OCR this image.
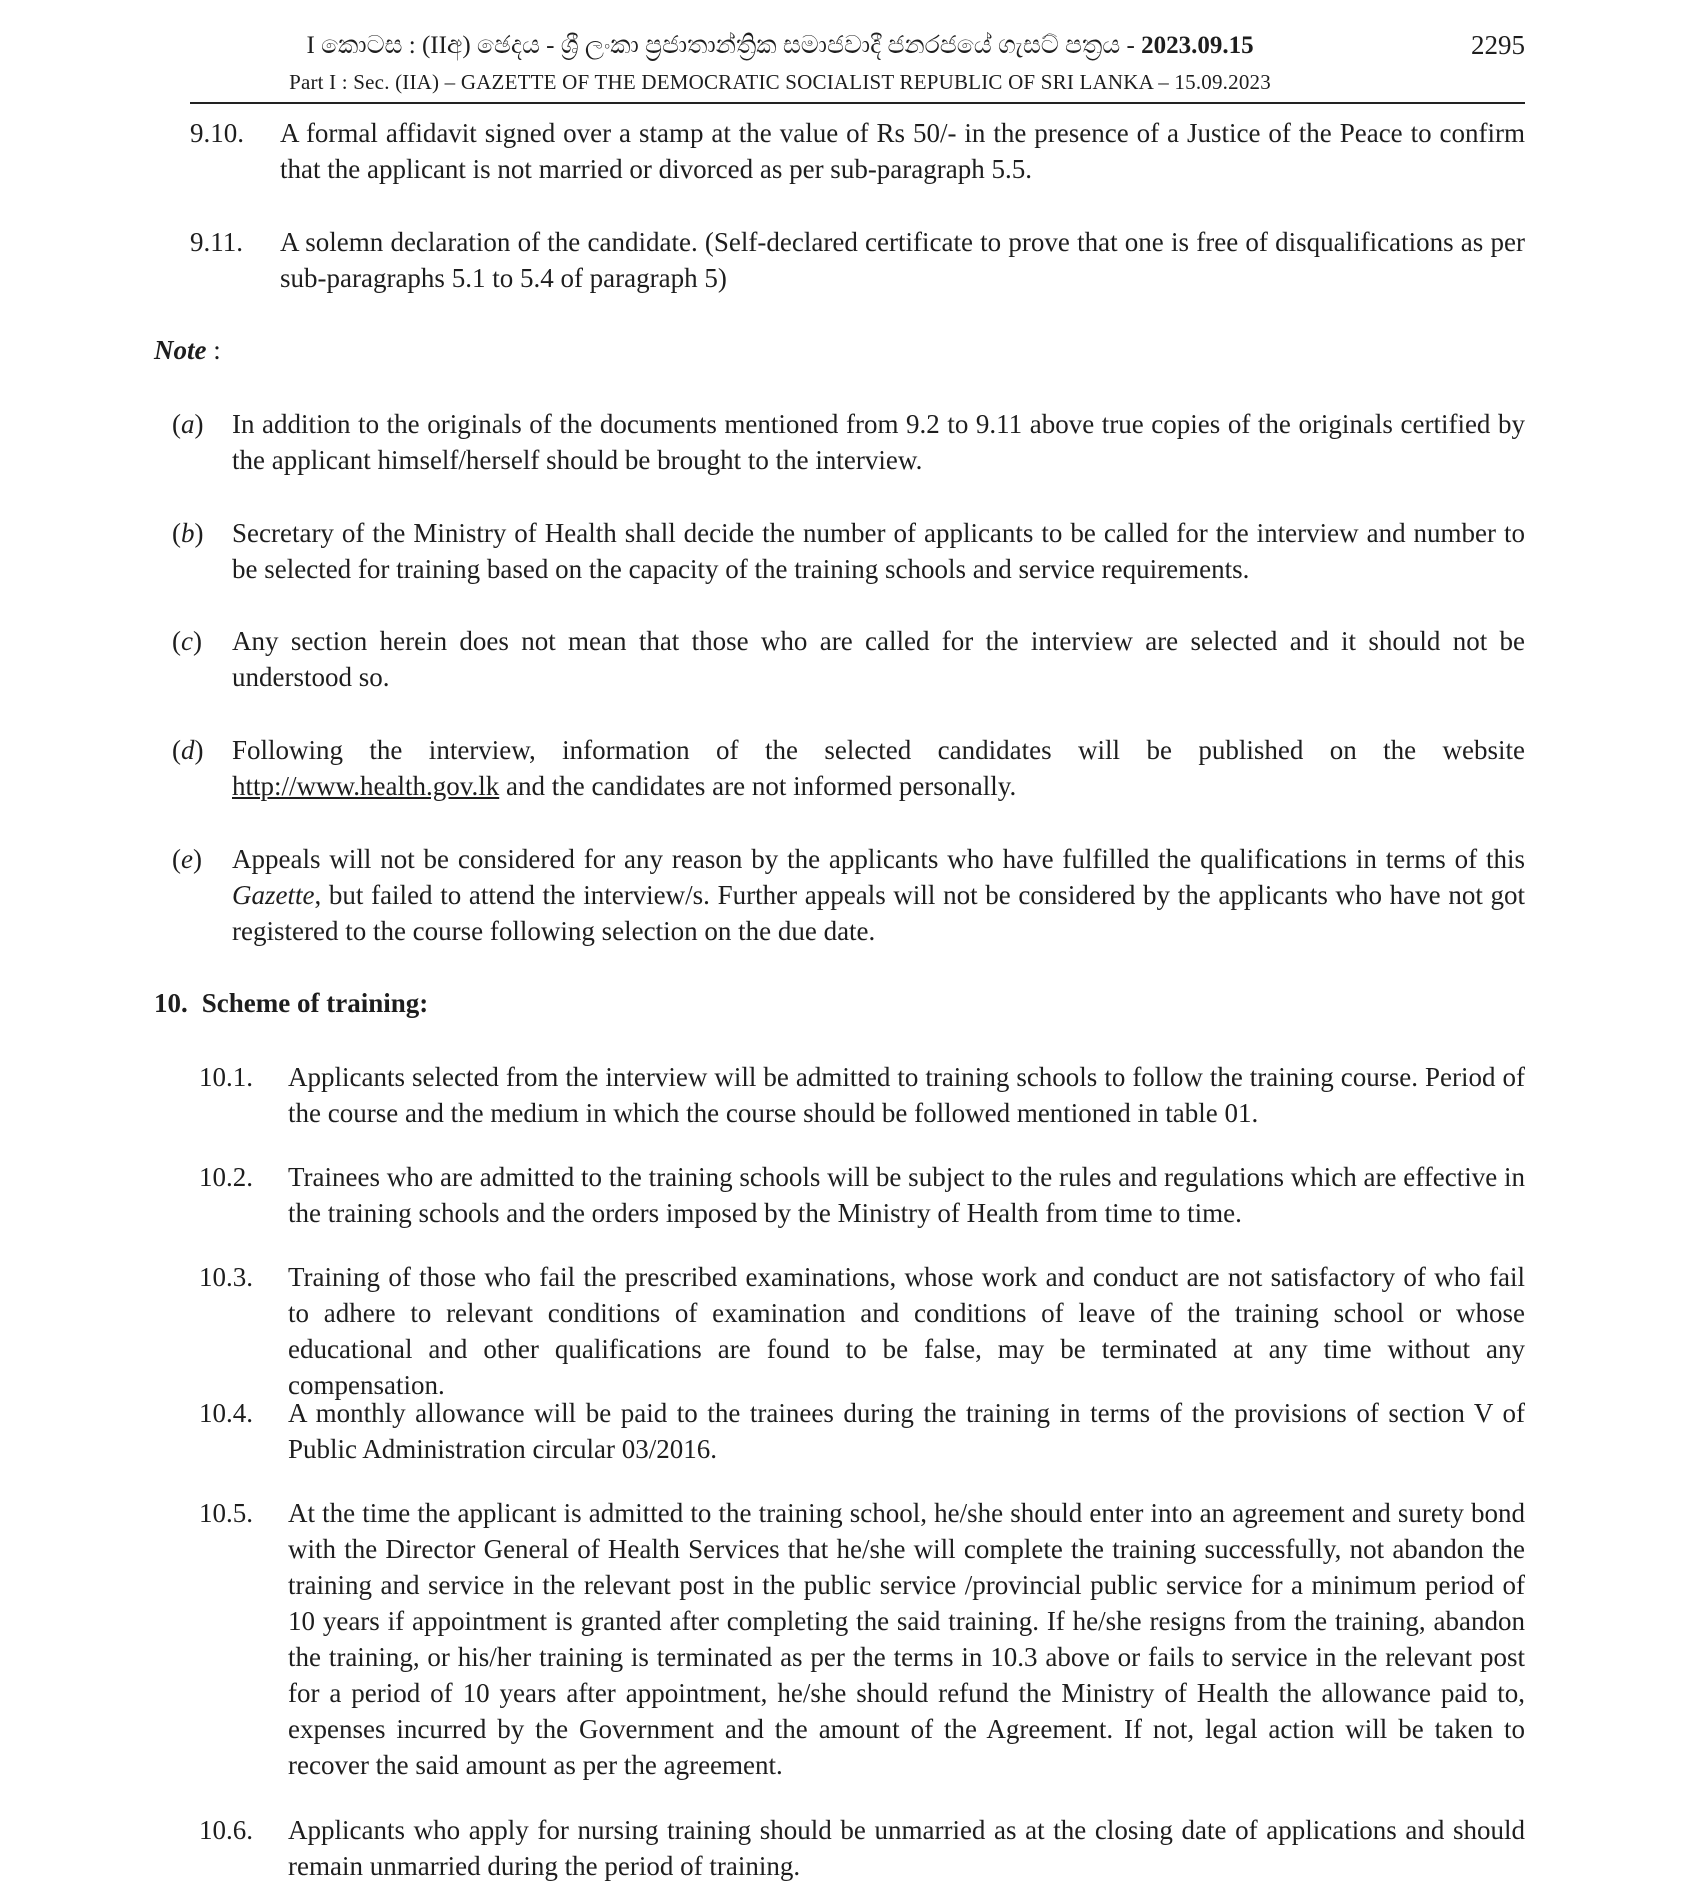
I කොටස : (IIඅ) ඡෙදය - ශ්‍රී ලංකා ප්‍රජාතාන්ත්‍රික සමාජවාදී ජනරජයේ ගැසට් පත්‍රය - 2023.09.15
Part I : Sec. (IIA) – GAZETTE OF THE DEMOCRATIC SOCIALIST REPUBLIC OF SRI LANKA – 15.09.2023
2295
9.10. A formal affidavit signed over a stamp at the value of Rs 50/- in the presence of a Justice of the Peace to confirm that the applicant is not married or divorced as per sub-paragraph 5.5.
9.11. A solemn declaration of the candidate. (Self-declared certificate to prove that one is free of disqualifications as per sub-paragraphs 5.1 to 5.4 of paragraph 5)
Note :
(a) In addition to the originals of the documents mentioned from 9.2 to 9.11 above true copies of the originals certified by the applicant himself/herself should be brought to the interview.
(b) Secretary of the Ministry of Health shall decide the number of applicants to be called for the interview and number to be selected for training based on the capacity of the training schools and service requirements.
(c) Any section herein does not mean that those who are called for the interview are selected and it should not be understood so.
(d) Following the interview, information of the selected candidates will be published on the website http://www.health.gov.lk and the candidates are not informed personally.
(e) Appeals will not be considered for any reason by the applicants who have fulfilled the qualifications in terms of this Gazette, but failed to attend the interview/s. Further appeals will not be considered by the applicants who have not got registered to the course following selection on the due date.
10. Scheme of training:
10.1. Applicants selected from the interview will be admitted to training schools to follow the training course. Period of the course and the medium in which the course should be followed mentioned in table 01.
10.2. Trainees who are admitted to the training schools will be subject to the rules and regulations which are effective in the training schools and the orders imposed by the Ministry of Health from time to time.
10.3. Training of those who fail the prescribed examinations, whose work and conduct are not satisfactory of who fail to adhere to relevant conditions of examination and conditions of leave of the training school or whose educational and other qualifications are found to be false, may be terminated at any time without any compensation.
10.4. A monthly allowance will be paid to the trainees during the training in terms of the provisions of section V of Public Administration circular 03/2016.
10.5. At the time the applicant is admitted to the training school, he/she should enter into an agreement and surety bond with the Director General of Health Services that he/she will complete the training successfully, not abandon the training and service in the relevant post in the public service /provincial public service for a minimum period of 10 years if appointment is granted after completing the said training. If he/she resigns from the training, abandon the training, or his/her training is terminated as per the terms in 10.3 above or fails to service in the relevant post for a period of 10 years after appointment, he/she should refund the Ministry of Health the allowance paid to, expenses incurred by the Government and the amount of the Agreement. If not, legal action will be taken to recover the said amount as per the agreement.
10.6. Applicants who apply for nursing training should be unmarried as at the closing date of applications and should remain unmarried during the period of training.
